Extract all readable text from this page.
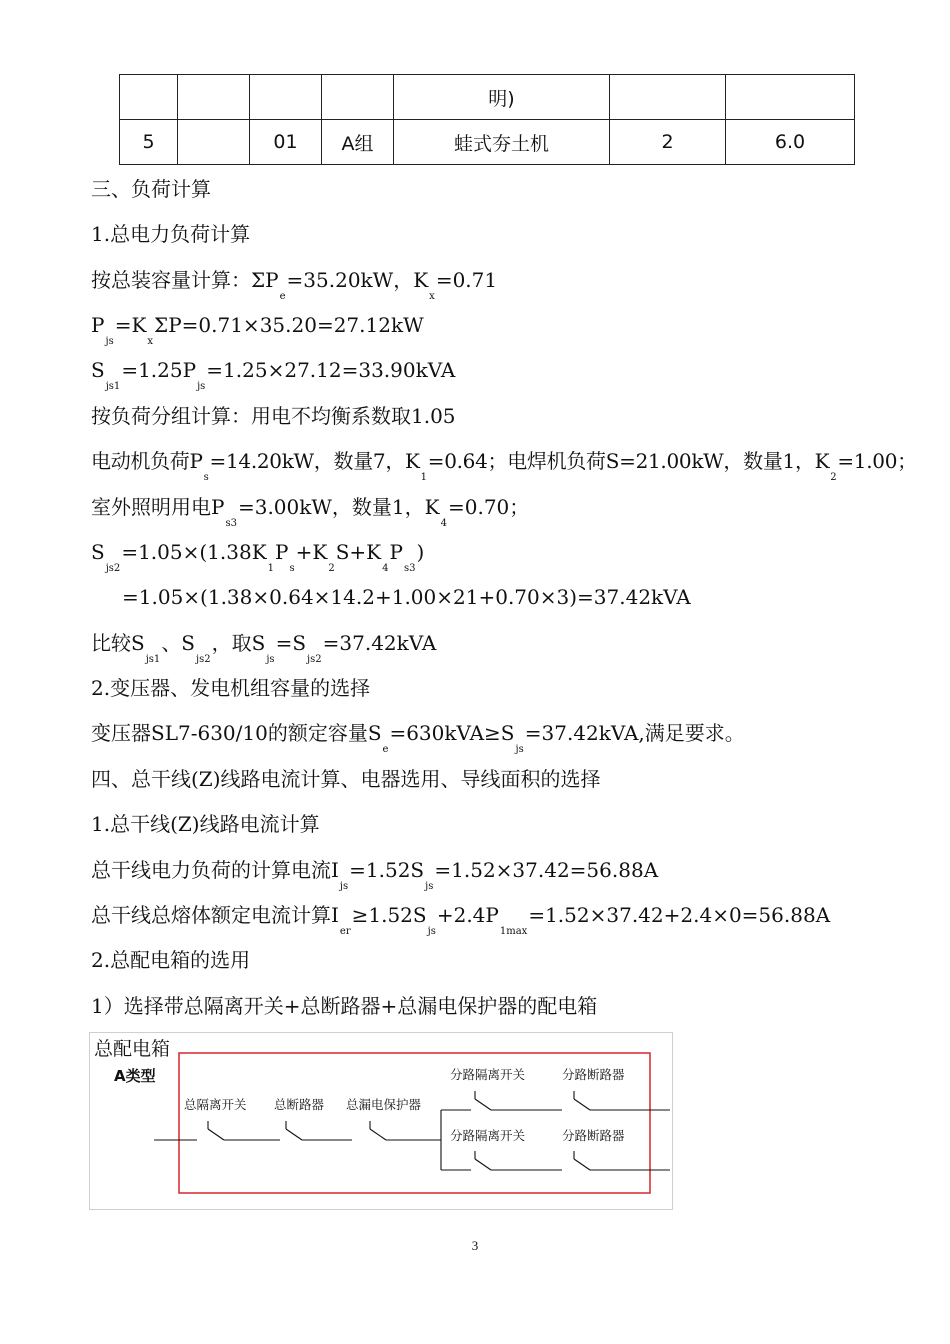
				明)		
5		01	A组	蛙式夯土机	2	6.0
三、负荷计算
1.总电力负荷计算
按总装容量计算：$\Sigma P_e=35.20kW$，$K_x=0.71$
$P_{js}=K_x\Sigma P=0.71\times 35.20=27.12kW$
$S_{js1}=1.25P_{js}=1.25\times 27.12=33.90kVA$
按负荷分组计算：用电不均衡系数取1.05
电动机负荷$P_s=14.20kW$，数量7，$K_1=0.64$；电焊机负荷S=21.00kW，数量1，$K_2=1.00$；
室外照明用电$P_{s3}=3.00kW$，数量1，$K_4=0.70$；
$S_{js2}=1.05\times(1.38K_1P_s+K_2S+K_4P_{s3})$
=1.05×(1.38×0.64×14.2+1.00×21+0.70×3)=37.42kVA
比较$S_{js1}$、$S_{js2}$，取$S_{js}=S_{js2}=37.42kVA$
2.变压器、发电机组容量的选择
变压器SL7-630/10的额定容量$S_e=630kVA\ge S_{js}=37.42kVA$,满足要求。
四、总干线(Z)线路电流计算、电器选用、导线面积的选择
1.总干线(Z)线路电流计算
总干线电力负荷的计算电流$I_{js}=1.52S_{js}=1.52\times 37.42=56.88A$
总干线总熔体额定电流计算$I_{er}\ge 1.52S_{js}+2.4P_{1max}=1.52\times 37.42+2.4\times 0=56.88A$
2.总配电箱的选用
1）选择带总隔离开关+总断路器+总漏电保护器的配电箱
总配电箱
A类型
总隔离开关 总断路器 总漏电保护器
分路隔离开关	分路断路器
分路隔离开关	分路断路器
3
